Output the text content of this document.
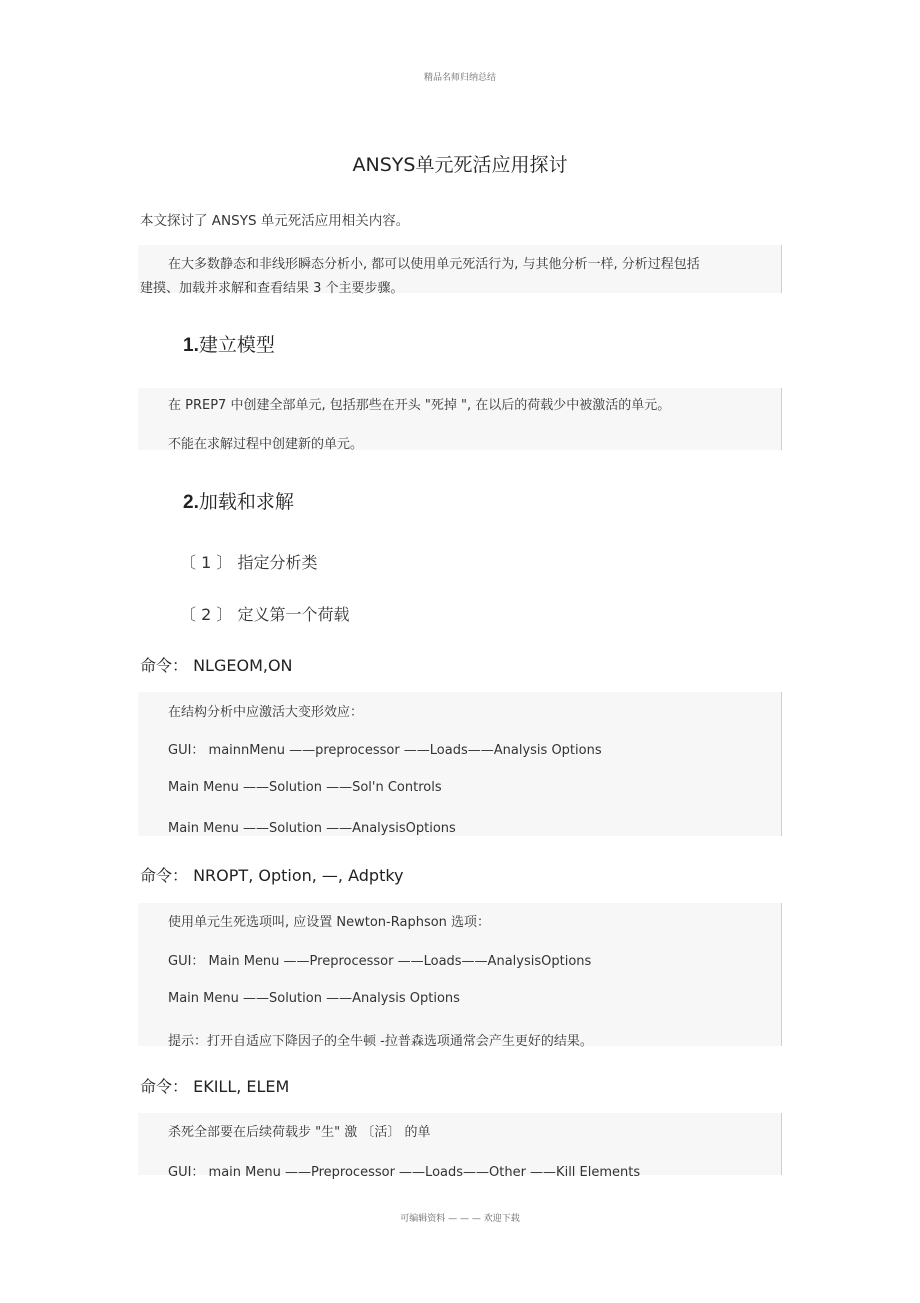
精品名师归纳总结
ANSYS单元死活应用探讨
本文探讨了 ANSYS 单元死活应用相关内容。
在大多数静态和非线形瞬态分析小, 都可以使用单元死活行为, 与其他分析一样, 分析过程包括
建摸、加载并求解和查看结果 3 个主要步骤。
1.建立模型
在 PREP7 中创建全部单元, 包括那些在开头 "死掉 ", 在以后的荷载少中被激活的单元。
不能在求解过程中创建新的单元。
2.加载和求解
〔 1 〕 指定分析类
〔 2 〕 定义第一个荷载
命令： NLGEOM,ON
在结构分析中应激活大变形效应：
GUI： mainnMenu ——preprocessor ——Loads——Analysis Options
Main Menu ——Solution ——Sol'n Controls
Main Menu ——Solution ——AnalysisOptions
命令： NROPT, Option, —, Adptky
使用单元生死选项叫, 应设置 Newton-Raphson 选项：
GUI： Main Menu ——Preprocessor ——Loads——AnalysisOptions
Main Menu ——Solution ——Analysis Options
提示：打开自适应下降因子的全牛顿 -拉普森选项通常会产生更好的结果。
命令： EKILL, ELEM
杀死全部要在后续荷载步 "生" 激 〔活〕 的单
GUI： main Menu ——Preprocessor ——Loads——Other ——Kill Elements
可编辑资料 — — — 欢迎下载
